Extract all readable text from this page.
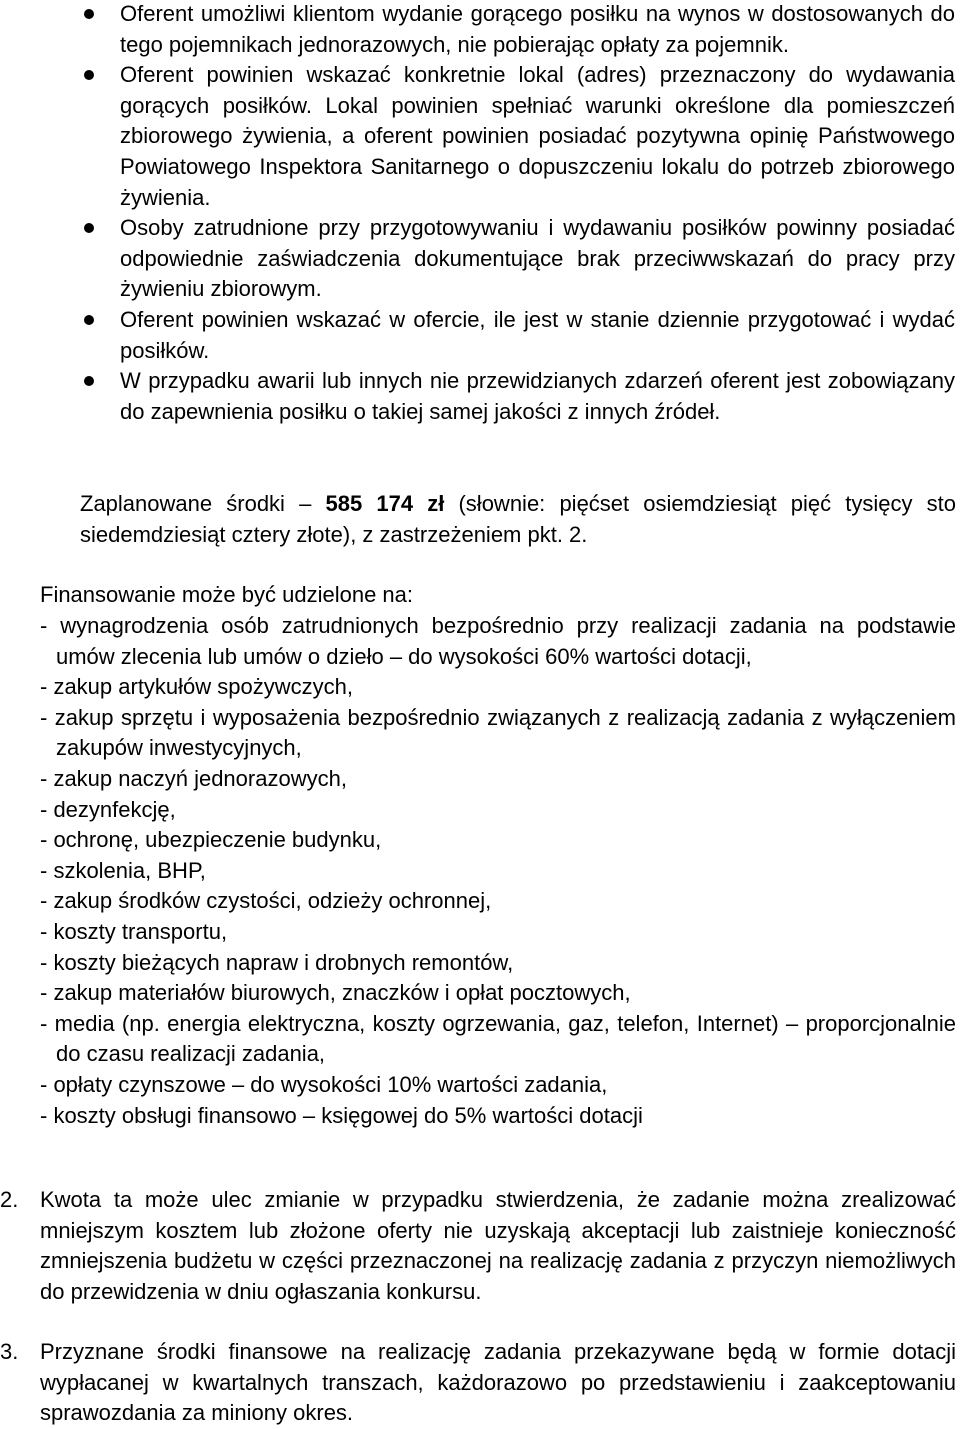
Oferent umożliwi klientom wydanie gorącego posiłku na wynos w dostosowanych do tego pojemnikach jednorazowych, nie pobierając opłaty za pojemnik.
Oferent powinien wskazać konkretnie lokal (adres) przeznaczony do wydawania gorących posiłków. Lokal powinien spełniać warunki określone dla pomieszczeń zbiorowego żywienia, a oferent powinien posiadać pozytywna opinię Państwowego Powiatowego Inspektora Sanitarnego o dopuszczeniu lokalu do potrzeb zbiorowego żywienia.
Osoby zatrudnione przy przygotowywaniu i wydawaniu posiłków powinny posiadać odpowiednie zaświadczenia dokumentujące brak przeciwwskazań do pracy przy żywieniu zbiorowym.
Oferent powinien wskazać w ofercie, ile jest w stanie dziennie przygotować i wydać posiłków.
W przypadku awarii lub innych nie przewidzianych zdarzeń oferent jest zobowiązany do zapewnienia posiłku o takiej samej jakości z innych źródeł.
Zaplanowane środki – 585 174 zł (słownie: pięćset osiemdziesiąt pięć tysięcy sto siedemdziesiąt cztery złote), z zastrzeżeniem pkt. 2.
Finansowanie może być udzielone na:
- wynagrodzenia osób zatrudnionych bezpośrednio przy realizacji zadania na podstawie umów zlecenia lub umów o dzieło – do wysokości 60% wartości dotacji,
- zakup artykułów spożywczych,
- zakup sprzętu i wyposażenia bezpośrednio związanych z realizacją zadania z wyłączeniem zakupów inwestycyjnych,
- zakup naczyń jednorazowych,
- dezynfekcję,
- ochronę, ubezpieczenie budynku,
- szkolenia, BHP,
- zakup środków czystości, odzieży ochronnej,
- koszty transportu,
- koszty bieżących napraw i drobnych remontów,
- zakup materiałów biurowych, znaczków i opłat pocztowych,
- media (np. energia elektryczna, koszty ogrzewania, gaz, telefon, Internet) – proporcjonalnie do czasu realizacji zadania,
- opłaty czynszowe – do wysokości 10% wartości zadania,
- koszty obsługi finansowo – księgowej do 5% wartości dotacji
2. Kwota ta może ulec zmianie w przypadku stwierdzenia, że zadanie można zrealizować mniejszym kosztem lub złożone oferty nie uzyskają akceptacji lub zaistnieje konieczność zmniejszenia budżetu w części przeznaczonej na realizację zadania z przyczyn niemożliwych do przewidzenia w dniu ogłaszania konkursu.
3. Przyznane środki finansowe na realizację zadania przekazywane będą w formie dotacji wypłacanej w kwartalnych transzach, każdorazowo po przedstawieniu i zaakceptowaniu sprawozdania za miniony okres.
